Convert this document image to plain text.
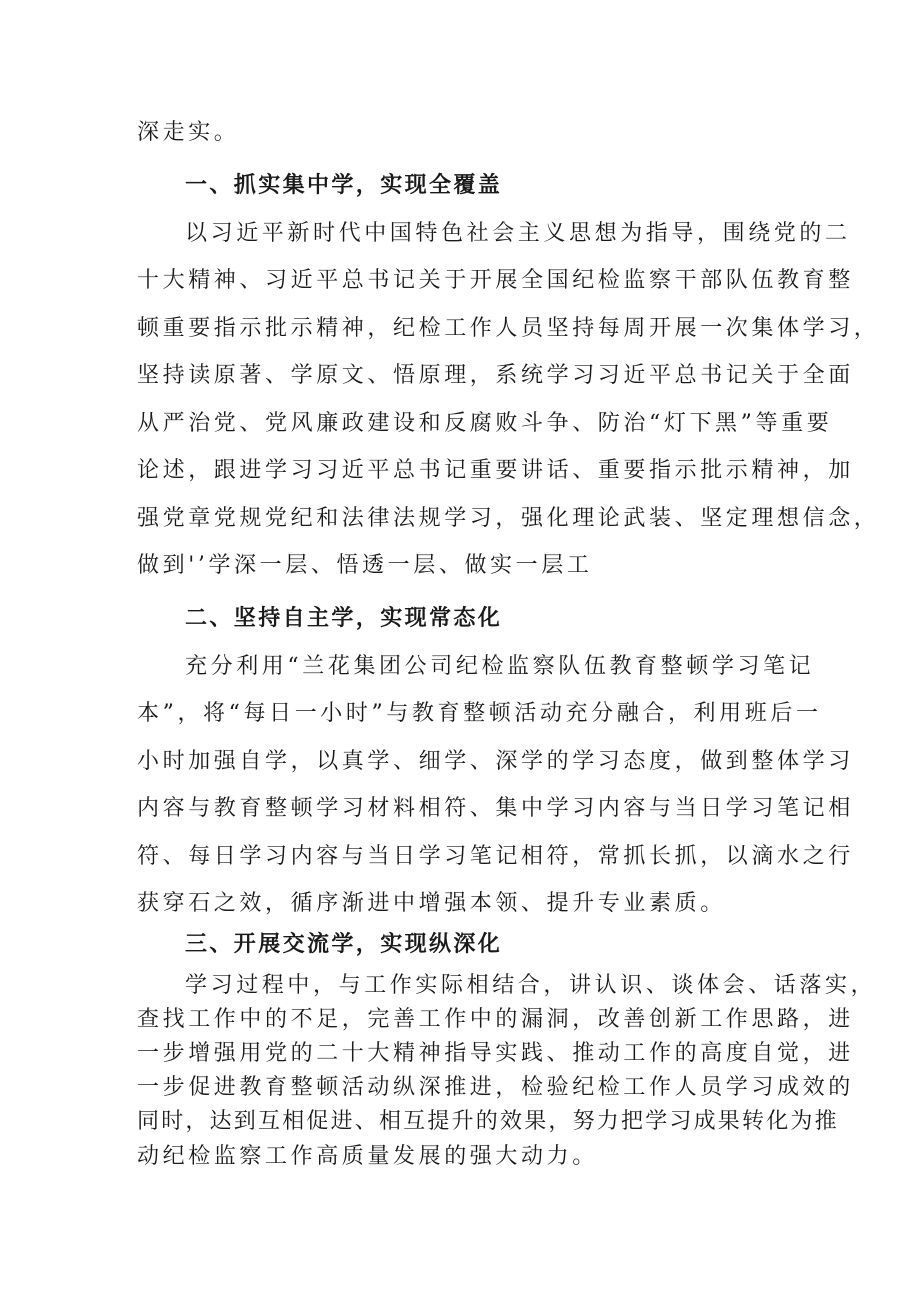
深走实。
一、抓实集中学，实现全覆盖
以习近平新时代中国特色社会主义思想为指导，围绕党的二
十大精神、习近平总书记关于开展全国纪检监察干部队伍教育整
顿重要指示批示精神，纪检工作人员坚持每周开展一次集体学习，
坚持读原著、学原文、悟原理，系统学习习近平总书记关于全面
从严治党、党风廉政建设和反腐败斗争、防治“灯下黑”等重要
论述，跟进学习习近平总书记重要讲话、重要指示批示精神，加
强党章党规党纪和法律法规学习，强化理论武装、坚定理想信念，
做到'’学深一层、悟透一层、做实一层工
二、坚持自主学，实现常态化
充分利用“兰花集团公司纪检监察队伍教育整顿学习笔记
本”，将“每日一小时”与教育整顿活动充分融合，利用班后一
小时加强自学，以真学、细学、深学的学习态度，做到整体学习
内容与教育整顿学习材料相符、集中学习内容与当日学习笔记相
符、每日学习内容与当日学习笔记相符，常抓长抓，以滴水之行
获穿石之效，循序渐进中增强本领、提升专业素质。
三、开展交流学，实现纵深化
学习过程中，与工作实际相结合，讲认识、谈体会、话落实，
查找工作中的不足，完善工作中的漏洞，改善创新工作思路，进
一步增强用党的二十大精神指导实践、推动工作的高度自觉，进
一步促进教育整顿活动纵深推进，检验纪检工作人员学习成效的
同时，达到互相促进、相互提升的效果，努力把学习成果转化为推
动纪检监察工作高质量发展的强大动力。
